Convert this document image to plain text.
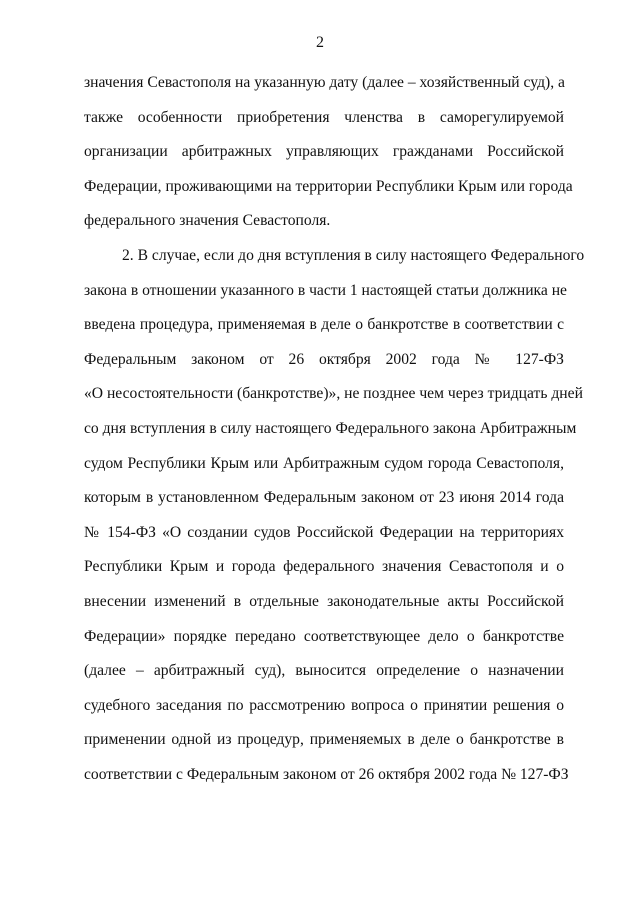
2
значения Севастополя на указанную дату (далее – хозяйственный суд), а
также особенности приобретения членства в саморегулируемой
организации арбитражных управляющих гражданами Российской
Федерации, проживающими на территории Республики Крым или города
федерального значения Севастополя.
2. В случае, если до дня вступления в силу настоящего Федерального
закона в отношении указанного в части 1 настоящей статьи должника не
введена процедура, применяемая в деле о банкротстве в соответствии с
Федеральным законом от 26 октября 2002 года № 127-ФЗ
«О несостоятельности (банкротстве)», не позднее чем через тридцать дней
со дня вступления в силу настоящего Федерального закона Арбитражным
судом Республики Крым или Арбитражным судом города Севастополя,
которым в установленном Федеральным законом от 23 июня 2014 года
№ 154-ФЗ «О создании судов Российской Федерации на территориях
Республики Крым и города федерального значения Севастополя и о
внесении изменений в отдельные законодательные акты Российской
Федерации» порядке передано соответствующее дело о банкротстве
(далее – арбитражный суд), выносится определение о назначении
судебного заседания по рассмотрению вопроса о принятии решения о
применении одной из процедур, применяемых в деле о банкротстве в
соответствии с Федеральным законом от 26 октября 2002 года № 127-ФЗ
